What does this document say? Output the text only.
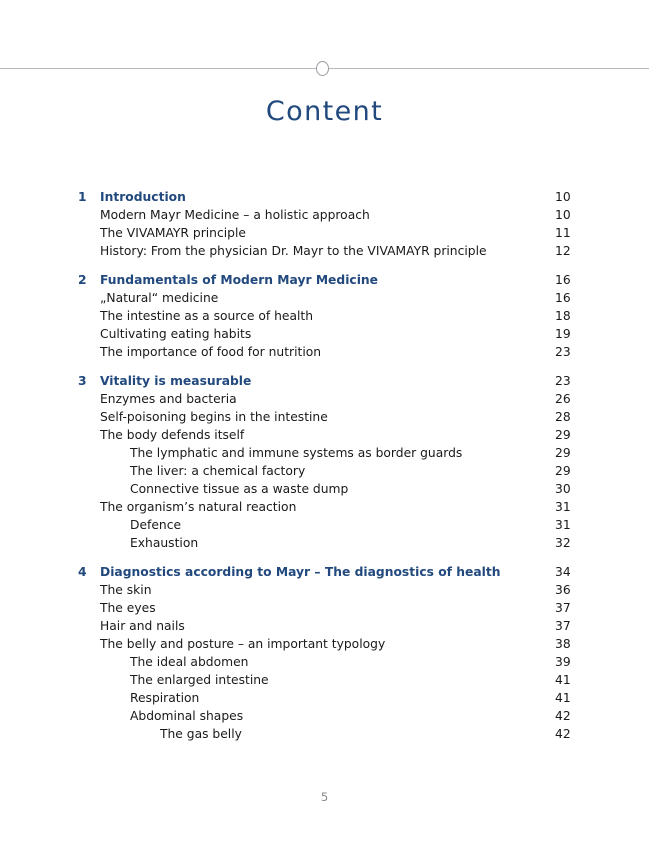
Content
1 Introduction	10
Modern Mayr Medicine – a holistic approach	10
The VIVAMAYR principle	11
History: From the physician Dr. Mayr to the VIVAMAYR principle	12
2 Fundamentals of Modern Mayr Medicine	16
„Natural“ medicine	16
The intestine as a source of health	18
Cultivating eating habits	19
The importance of food for nutrition	23
3 Vitality is measurable	23
Enzymes and bacteria	26
Self-poisoning begins in the intestine	28
The body defends itself	29
The lymphatic and immune systems as border guards	29
The liver: a chemical factory	29
Connective tissue as a waste dump	30
The organism’s natural reaction	31
Defence	31
Exhaustion	32
4 Diagnostics according to Mayr – The diagnostics of health	34
The skin	36
The eyes	37
Hair and nails	37
The belly and posture – an important typology	38
The ideal abdomen	39
The enlarged intestine	41
Respiration	41
Abdominal shapes	42
The gas belly	42
5
